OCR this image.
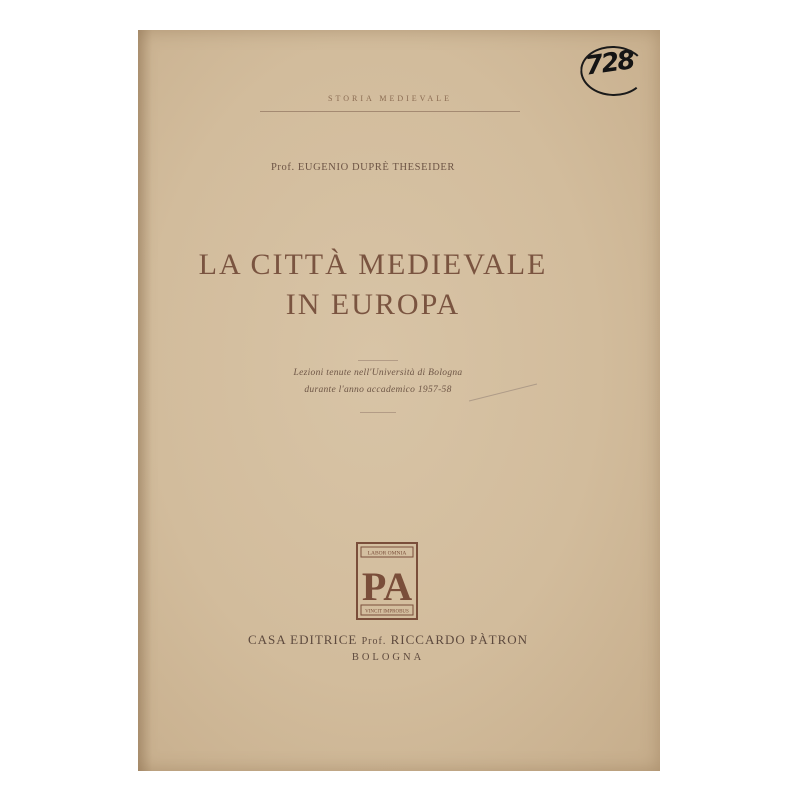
728
STORIA MEDIEVALE
Prof. EUGENIO DUPRÈ THESEIDER
LA CITTÀ MEDIEVALE
IN EUROPA
Lezioni tenute nell'Università di Bologna
durante l'anno accademico 1957-58
LABOR OMNIA
PA
VINCIT IMPROBUS
CASA EDITRICE Prof. RICCARDO PÀTRON
BOLOGNA
